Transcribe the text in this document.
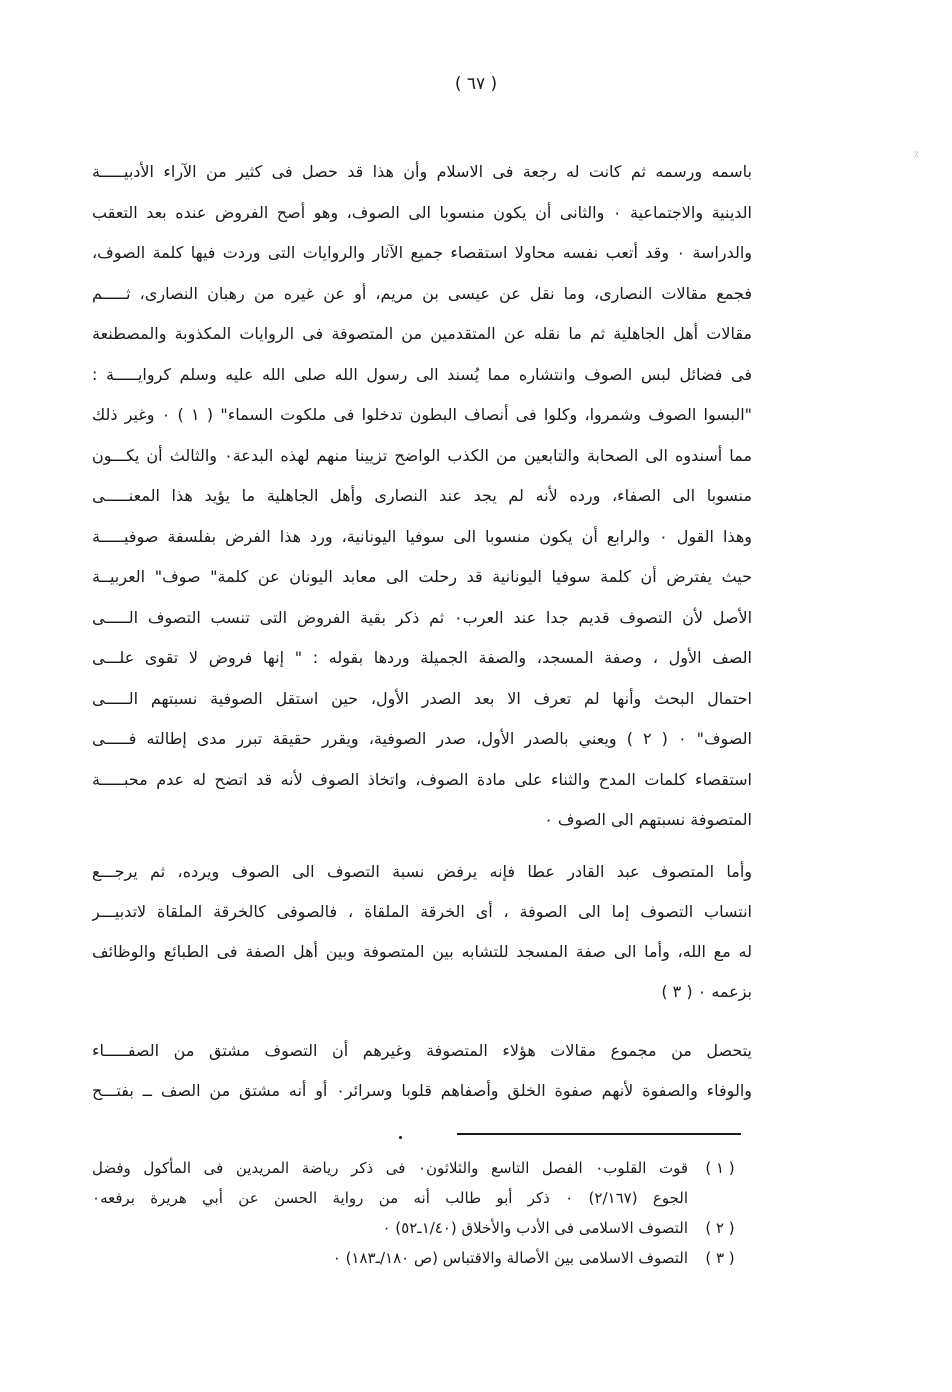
٪
( ٦٧ )
باسمه ورسمه ثم كانت له رجعة فى الاسلام وأن هذا قد حصل فى كثير من الآراء الأدبيـــــة
الدينية والاجتماعية ٠ والثانى أن يكون منسوبا الى الصوف، وهو أصح الفروض عنده بعد التعقب
والدراسة ٠ وقد أتعب نفسه محاولا استقصاء جميع الآثار والروايات التى وردت فيها كلمة الصوف،
فجمع مقالات النصارى، وما نقل عن عيسى بن مريم، أو عن غيره من رهبان النصارى، ثـــــم
مقالات أهل الجاهلية ثم ما نقله عن المتقدمين من المتصوفة فى الروايات المكذوبة والمصطنعة
فى فضائل لبس الصوف وانتشاره مما يُسند الى رسول الله صلى الله عليه وسلم كروايـــــة :
"البسوا الصوف وشمروا، وكلوا فى أنصاف البطون تدخلوا فى ملكوت السماء" ( ١ ) ٠ وغير ذلك
مما أسندوه الى الصحابة والتابعين من الكذب الواضح تزيينا منهم لهذه البدعة٠ والثالث أن يكـــون
منسوبا الى الصفاء، ورده لأنه لم يجد عند النصارى وأهل الجاهلية ما يؤيد هذا المعنـــــى
وهذا القول ٠ والرابع أن يكون منسوبا الى سوفيا اليونانية، ورد هذا الفرض بفلسفة صوفيـــــة
حيث يفترض أن كلمة سوفيا اليونانية قد رحلت الى معابد اليونان عن كلمة" صوف" العربيــة
الأصل لأن التصوف قديم جدا عند العرب٠ ثم ذكر بقية الفروض التى تنسب التصوف الـــــى
الصف الأول ، وصفة المسجد، والصفة الجميلة وردها بقوله : " إنها فروض لا تقوى علـــى
احتمال البحث وأنها لم تعرف الا بعد الصدر الأول، حين استقل الصوفية نسبتهم الـــــى
الصوف" ٠ ( ٢ ) ويعني بالصدر الأول، صدر الصوفية، ويقرر حقيقة تبرر مدى إطالته فـــــى
استقصاء كلمات المدح والثناء على مادة الصوف، واتخاذ الصوف لأنه قد اتضح له عدم محبـــــة
المتصوفة نسبتهم الى الصوف ٠
وأما المتصوف عبد القادر عطا فإنه يرفض نسبة التصوف الى الصوف ويرده، ثم يرجـــع
انتساب التصوف إما الى الصوفة ، أى الخرقة الملقاة ، فالصوفى كالخرقة الملقاة لاتدبيـــر
له مع الله، وأما الى صفة المسجد للتشابه بين المتصوفة وبين أهل الصفة فى الطبائع والوظائف
بزعمه ٠ ( ٣ )
يتحصل من مجموع مقالات هؤلاء المتصوفة وغيرهم أن التصوف مشتق من الصفـــــاء
والوفاء والصفوة لأنهم صفوة الخلق وأصفاهم قلوبا وسرائر٠ أو أنه مشتق من الصف ــ بفتـــح
( ١ )
قوت القلوب٠ الفصل التاسع والثلاثون٠ فى ذكر رياضة المريدين فى المأكول وفضل
الجوع (٢/١٦٧) ٠ ذكر أبو طالب أنه من رواية الحسن عن أبي هريرة برفعه٠
( ٢ )
التصوف الاسلامى فى الأدب والأخلاق (١/٤٠ـ٥٢) ٠
( ٣ )
التصوف الاسلامى بين الأصالة والاقتباس (ص ١٨٠/ـ١٨٣) ٠
